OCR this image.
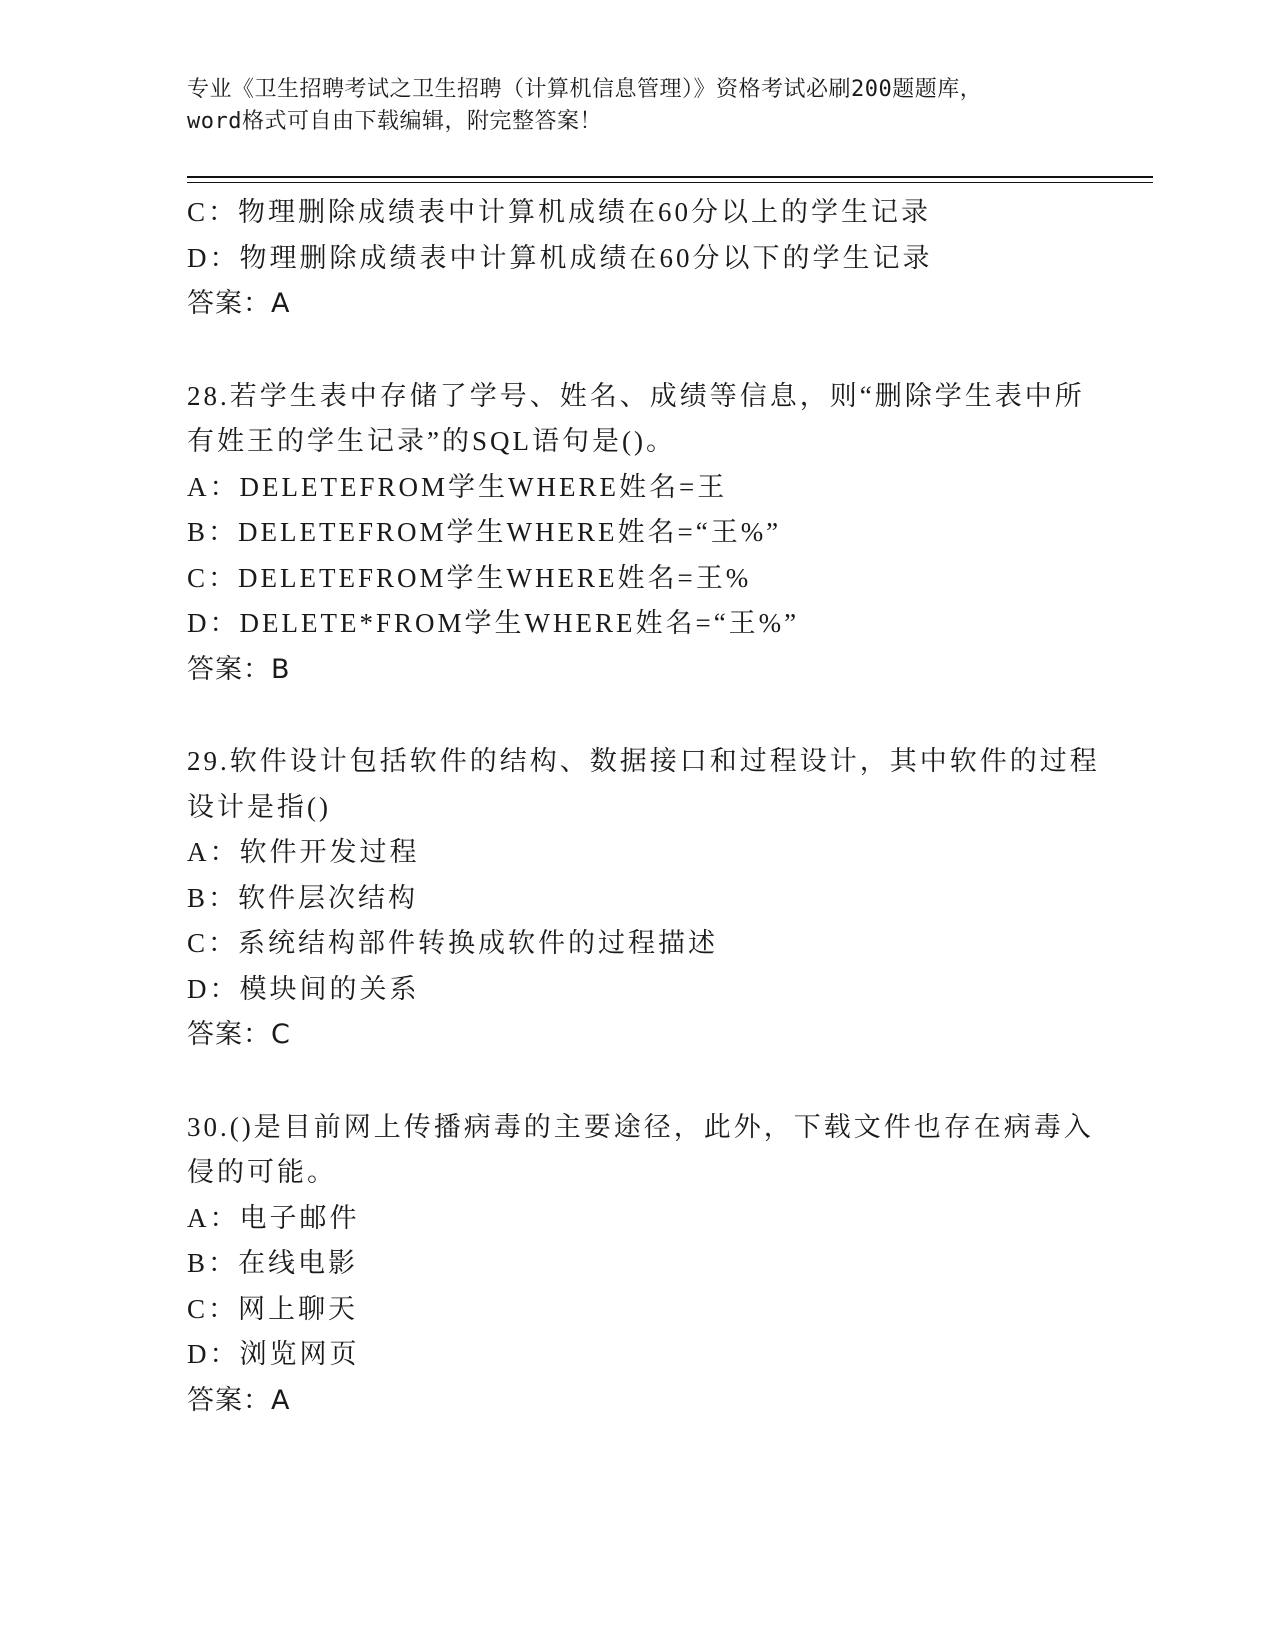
专业《卫生招聘考试之卫生招聘（计算机信息管理）》资格考试必刷200题题库，
word格式可自由下载编辑，附完整答案！
C：物理删除成绩表中计算机成绩在60分以上的学生记录
D：物理删除成绩表中计算机成绩在60分以下的学生记录
答案：A
28.若学生表中存储了学号、姓名、成绩等信息，则“删除学生表中所
有姓王的学生记录”的SQL语句是()。
A：DELETEFROM学生WHERE姓名=王
B：DELETEFROM学生WHERE姓名=“王%”
C：DELETEFROM学生WHERE姓名=王%
D：DELETE*FROM学生WHERE姓名=“王%”
答案：B
29.软件设计包括软件的结构、数据接口和过程设计，其中软件的过程
设计是指()
A：软件开发过程
B：软件层次结构
C：系统结构部件转换成软件的过程描述
D：模块间的关系
答案：C
30.()是目前网上传播病毒的主要途径，此外，下载文件也存在病毒入
侵的可能。
A：电子邮件
B：在线电影
C：网上聊天
D：浏览网页
答案：A
